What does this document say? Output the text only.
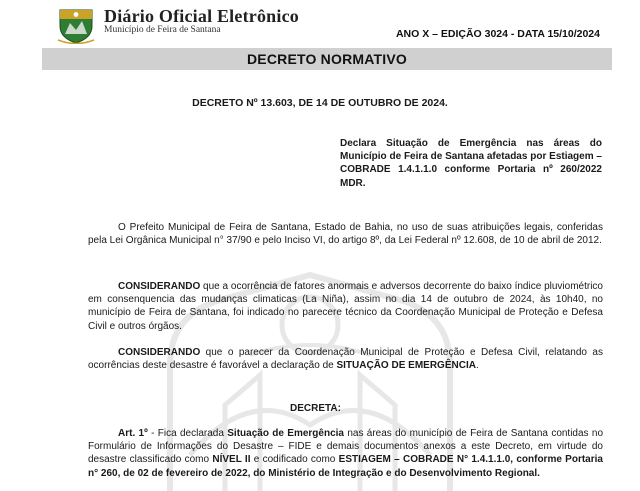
Diário Oficial Eletrônico
Município de Feira de Santana	ANO X – EDIÇÃO 3024 - DATA 15/10/2024
DECRETO NORMATIVO
DECRETO Nº 13.603, DE 14 DE OUTUBRO DE 2024.
Declara Situação de Emergência nas áreas do Município de Feira de Santana afetadas por Estiagem – COBRADE 1.4.1.1.0 conforme Portaria nº 260/2022 MDR.

O Prefeito Municipal de Feira de Santana, Estado de Bahia, no uso de suas atribuições legais, conferidas pela Lei Orgânica Municipal n° 37/90 e pelo Inciso VI, do artigo 8º, da Lei Federal nº 12.608, de 10 de abril de 2012.

CONSIDERANDO que a ocorrência de fatores anormais e adversos decorrente do baixo índice pluviométrico em consenquencia das mudanças climaticas (La Niña), assim no dia 14 de outubro de 2024, às 10h40, no município de Feira de Santana, foi indicado no parecere técnico da Coordenação Municipal de Proteção e Defesa Civil e outros órgãos.

CONSIDERANDO que o parecer da Coordenação Municipal de Proteção e Defesa Civil, relatando as ocorrências deste desastre é favorável a declaração de SITUAÇÃO DE EMERGÊNCIA.

DECRETA:

Art. 1º - Fica declarada Situação de Emergência nas áreas do município de Feira de Santana contidas no Formulário de Informações do Desastre – FIDE e demais documentos anexos a este Decreto, em virtude do desastre classificado como NÍVEL II e codificado como ESTIAGEM – COBRADE N° 1.4.1.1.0, conforme Portaria n° 260, de 02 de fevereiro de 2022, do Ministério de Integração e do Desenvolvimento Regional.
